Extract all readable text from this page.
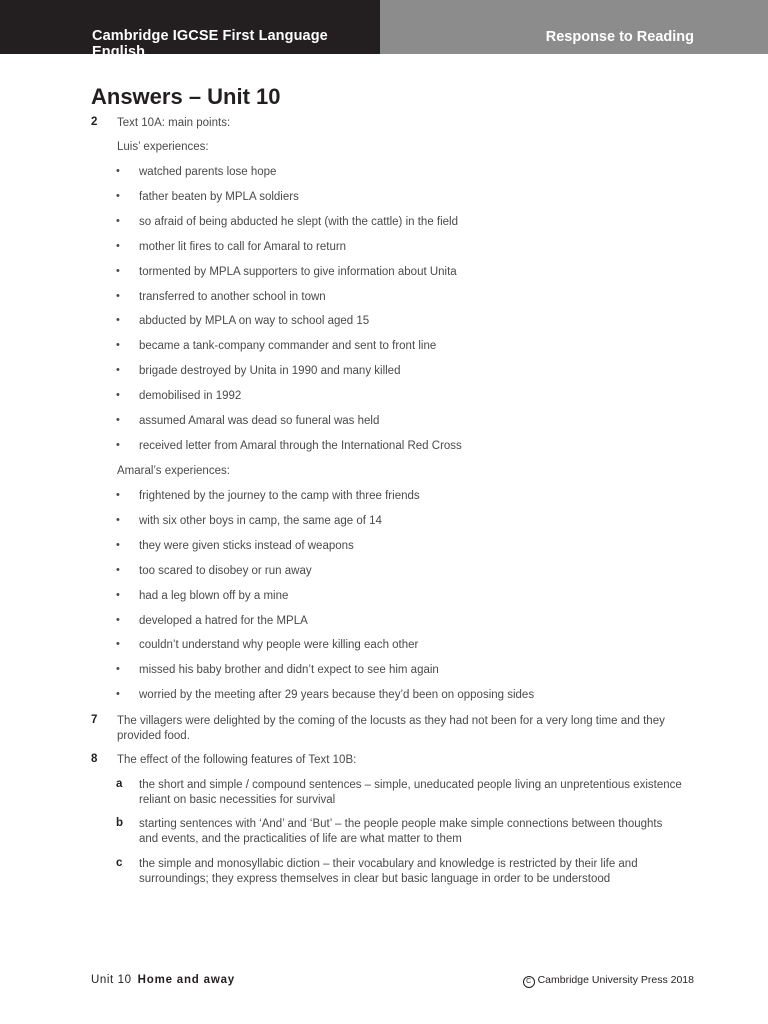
Cambridge IGCSE First Language English
Response to Reading
Answers – Unit 10
2 Text 10A: main points:
Luis’ experiences:
• watched parents lose hope
• father beaten by MPLA soldiers
• so afraid of being abducted he slept (with the cattle) in the field
• mother lit fires to call for Amaral to return
• tormented by MPLA supporters to give information about Unita
• transferred to another school in town
• abducted by MPLA on way to school aged 15
• became a tank-company commander and sent to front line
• brigade destroyed by Unita in 1990 and many killed
• demobilised in 1992
• assumed Amaral was dead so funeral was held
• received letter from Amaral through the International Red Cross
Amaral’s experiences:
• frightened by the journey to the camp with three friends
• with six other boys in camp, the same age of 14
• they were given sticks instead of weapons
• too scared to disobey or run away
• had a leg blown off by a mine
• developed a hatred for the MPLA
• couldn’t understand why people were killing each other
• missed his baby brother and didn’t expect to see him again
• worried by the meeting after 29 years because they’d been on opposing sides
7 The villagers were delighted by the coming of the locusts as they had not been for a very long time and they provided food.
8 The effect of the following features of Text 10B:
a the short and simple / compound sentences – simple, uneducated people living an unpretentious existence reliant on basic necessities for survival
b starting sentences with ‘And’ and ‘But’ – the people people make simple connections between thoughts and events, and the practicalities of life are what matter to them
c the simple and monosyllabic diction – their vocabulary and knowledge is restricted by their life and surroundings; they express themselves in clear but basic language in order to be understood
Unit 10 Home and away	C Cambridge University Press 2018
